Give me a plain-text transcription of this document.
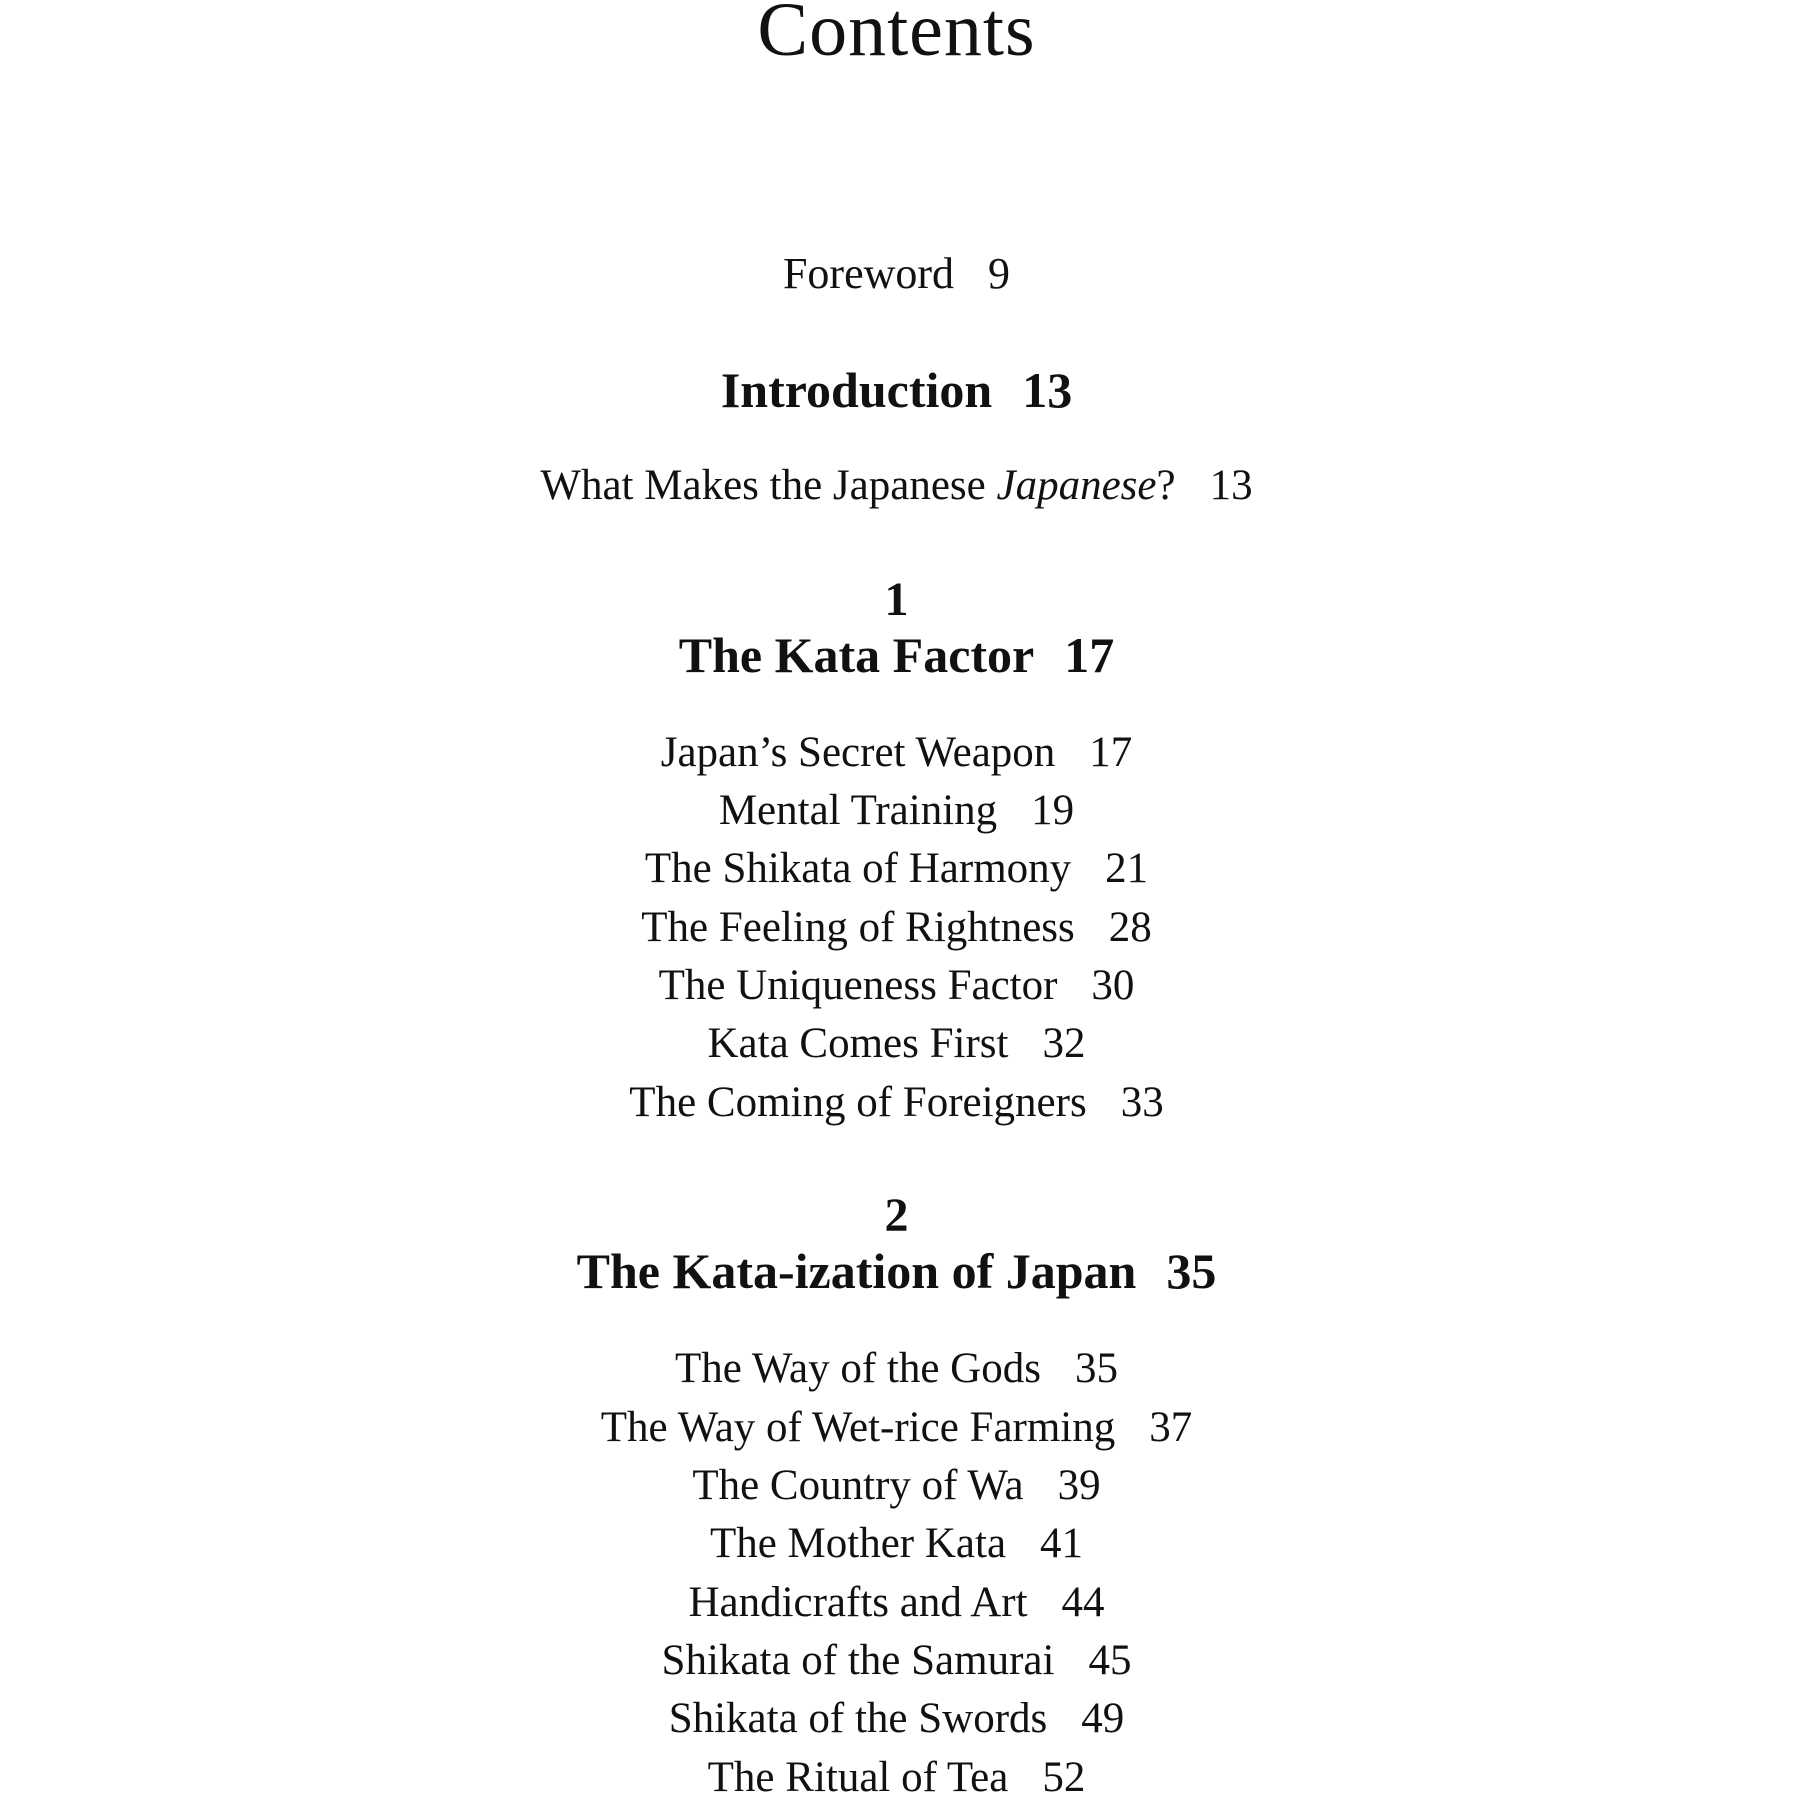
Contents
Foreword 9
Introduction 13
What Makes the Japanese Japanese? 13
1
The Kata Factor 17
Japan’s Secret Weapon 17
Mental Training 19
The Shikata of Harmony 21
The Feeling of Rightness 28
The Uniqueness Factor 30
Kata Comes First 32
The Coming of Foreigners 33
2
The Kata-ization of Japan 35
The Way of the Gods 35
The Way of Wet-rice Farming 37
The Country of Wa 39
The Mother Kata 41
Handicrafts and Art 44
Shikata of the Samurai 45
Shikata of the Swords 49
The Ritual of Tea 52
